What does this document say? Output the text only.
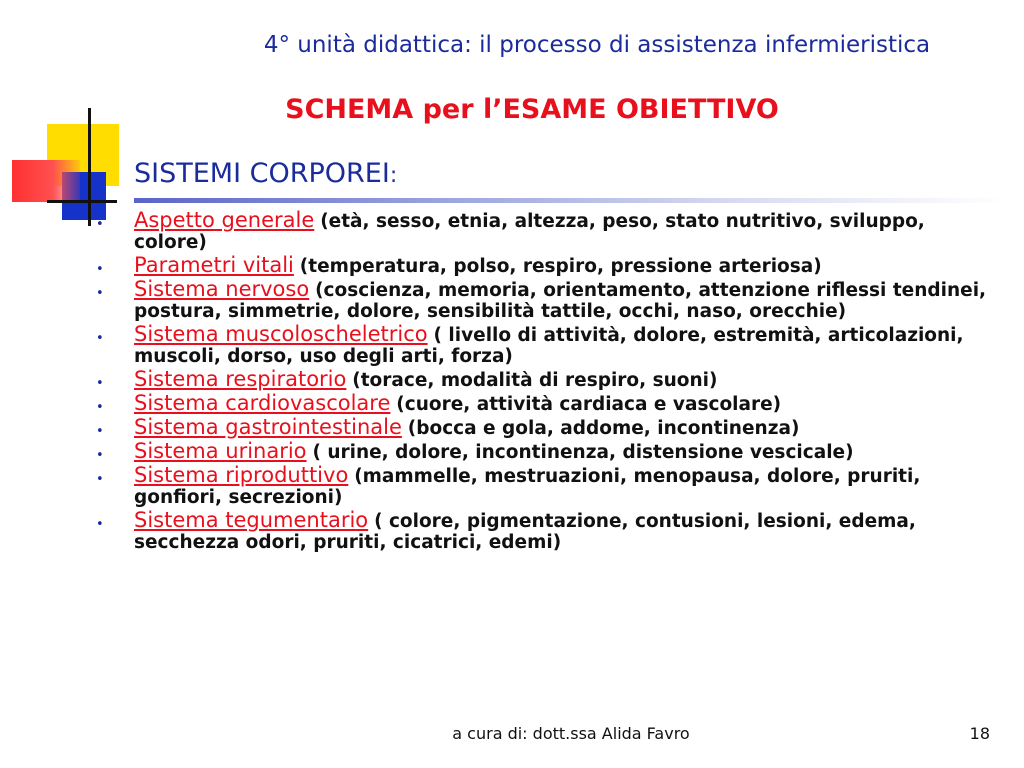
4° unità didattica: il processo di assistenza infermieristica
SCHEMA per l’ESAME OBIETTIVO
SISTEMI CORPOREI:
• Aspetto generale (età, sesso, etnia, altezza, peso, stato nutritivo, sviluppo, colore)
• Parametri vitali (temperatura, polso, respiro, pressione arteriosa)
• Sistema nervoso (coscienza, memoria, orientamento, attenzione riflessi tendinei, postura, simmetrie, dolore, sensibilità tattile, occhi, naso, orecchie)
• Sistema muscoloscheletrico ( livello di attività, dolore, estremità, articolazioni, muscoli, dorso, uso degli arti, forza)
• Sistema respiratorio (torace, modalità di respiro, suoni)
• Sistema cardiovascolare (cuore, attività cardiaca e vascolare)
• Sistema gastrointestinale (bocca e gola, addome, incontinenza)
• Sistema urinario ( urine, dolore, incontinenza, distensione vescicale)
• Sistema riproduttivo (mammelle, mestruazioni, menopausa, dolore, pruriti, gonfiori, secrezioni)
• Sistema tegumentario ( colore, pigmentazione, contusioni, lesioni, edema, secchezza odori, pruriti, cicatrici, edemi)
a cura di: dott.ssa Alida Favro	18
